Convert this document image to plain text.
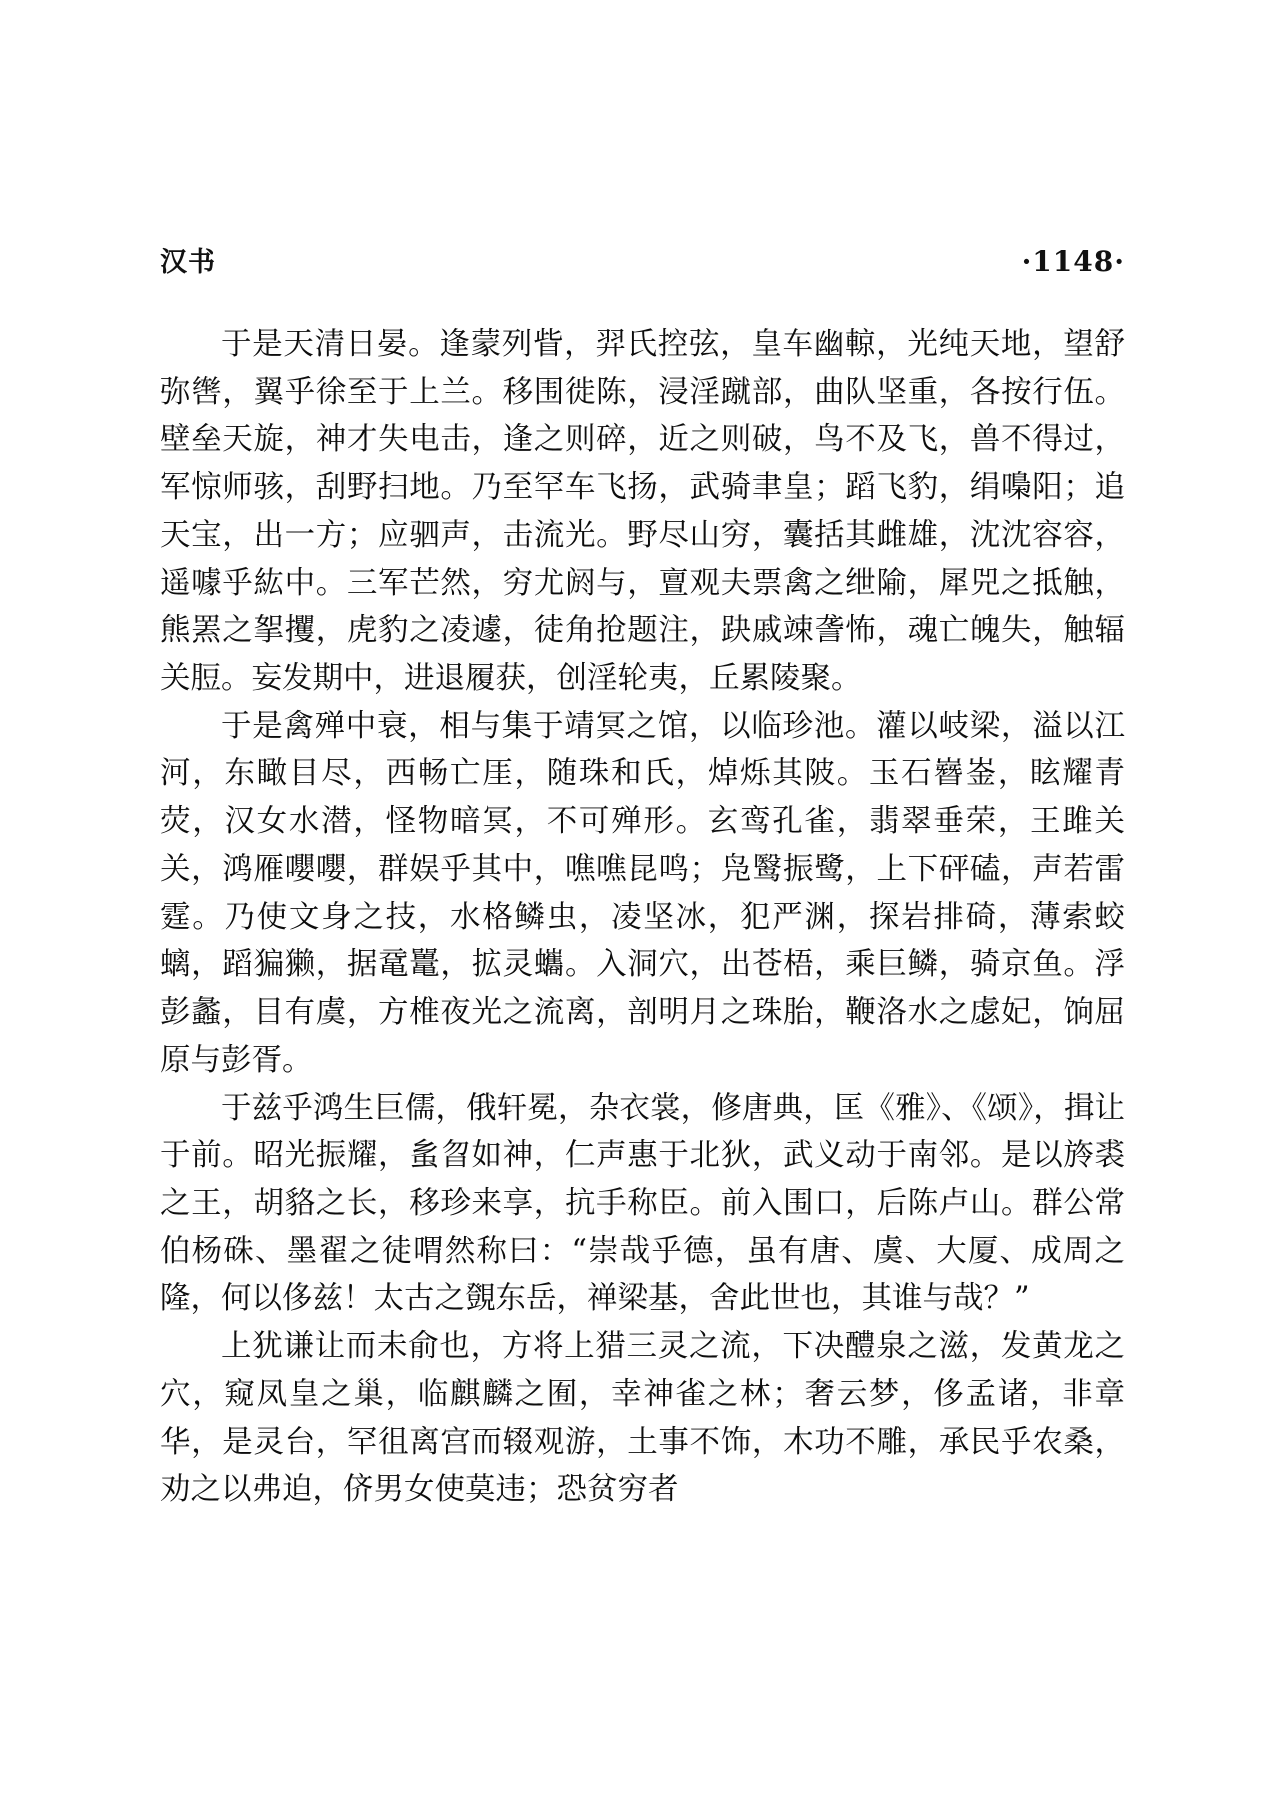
汉书	·1148·

于是天清日晏。逢蒙列眥，羿氏控弦，皇车幽輬，光纯天地，望舒弥辔，翼乎徐至于上兰。移围徙陈，浸淫蹴部，曲队坚重，各按行伍。壁垒天旋，神才失电击，逢之则碎，近之则破，鸟不及飞，兽不得过，军惊师骇，刮野扫地。乃至罕车飞扬，武骑聿皇；蹈飞豹，绢嘄阳；追天宝，出一方；应驷声，击流光。野尽山穷，囊括其雌雄，沈沈容容，遥噱乎紘中。三军芒然，穷尤阏与，亶观夫票禽之绁隃，犀兕之抵触，熊罴之挐攫，虎豹之凌遽，徒角抢题注，趹戚竦詟怖，魂亡魄失，触辐关脰。妄发期中，进退履获，创淫轮夷，丘累陵聚。

于是禽殚中衰，相与集于靖冥之馆，以临珍池。灌以岐梁，溢以江河，东瞰目尽，西畅亡厓，随珠和氏，焯烁其陂。玉石嶜崟，眩耀青荧，汉女水潜，怪物暗冥，不可殚形。玄鸾孔雀，翡翠垂荣，王雎关关，鸿雁嚶嚶，群娱乎其中，噍噍昆鸣；凫鹥振鹭，上下砰磕，声若雷霆。乃使文身之技，水格鳞虫，凌坚冰，犯严渊，探岩排碕，薄索蛟螭，蹈猵獭，据鼋鼍，拡灵蠵。入洞穴，出苍梧，乘巨鳞，骑京鱼。浮彭蠡，目有虞，方椎夜光之流离，剖明月之珠胎，鞭洛水之虙妃，饷屈原与彭胥。

于兹乎鸿生巨儒，俄轩冕，杂衣裳，修唐典，匡《雅》、《颂》，揖让于前。昭光振耀，蚃曶如神，仁声惠于北狄，武义动于南邻。是以旍裘之王，胡貉之长，移珍来享，抗手称臣。前入围口，后陈卢山。群公常伯杨硃、墨翟之徒喟然称曰：“崇哉乎德，虽有唐、虞、大厦、成周之隆，何以侈兹！太古之覴东岳，禅梁基，舍此世也，其谁与哉？”

上犹谦让而未俞也，方将上猎三灵之流，下决醴泉之滋，发黄龙之穴，窥凤皇之巢，临麒麟之囿，幸神雀之林；奢云梦，侈孟诸，非章华，是灵台，罕徂离宫而辍观游，土事不饰，木功不雕，承民乎农桑，劝之以弗迫，侪男女使莫违；恐贫穷者
